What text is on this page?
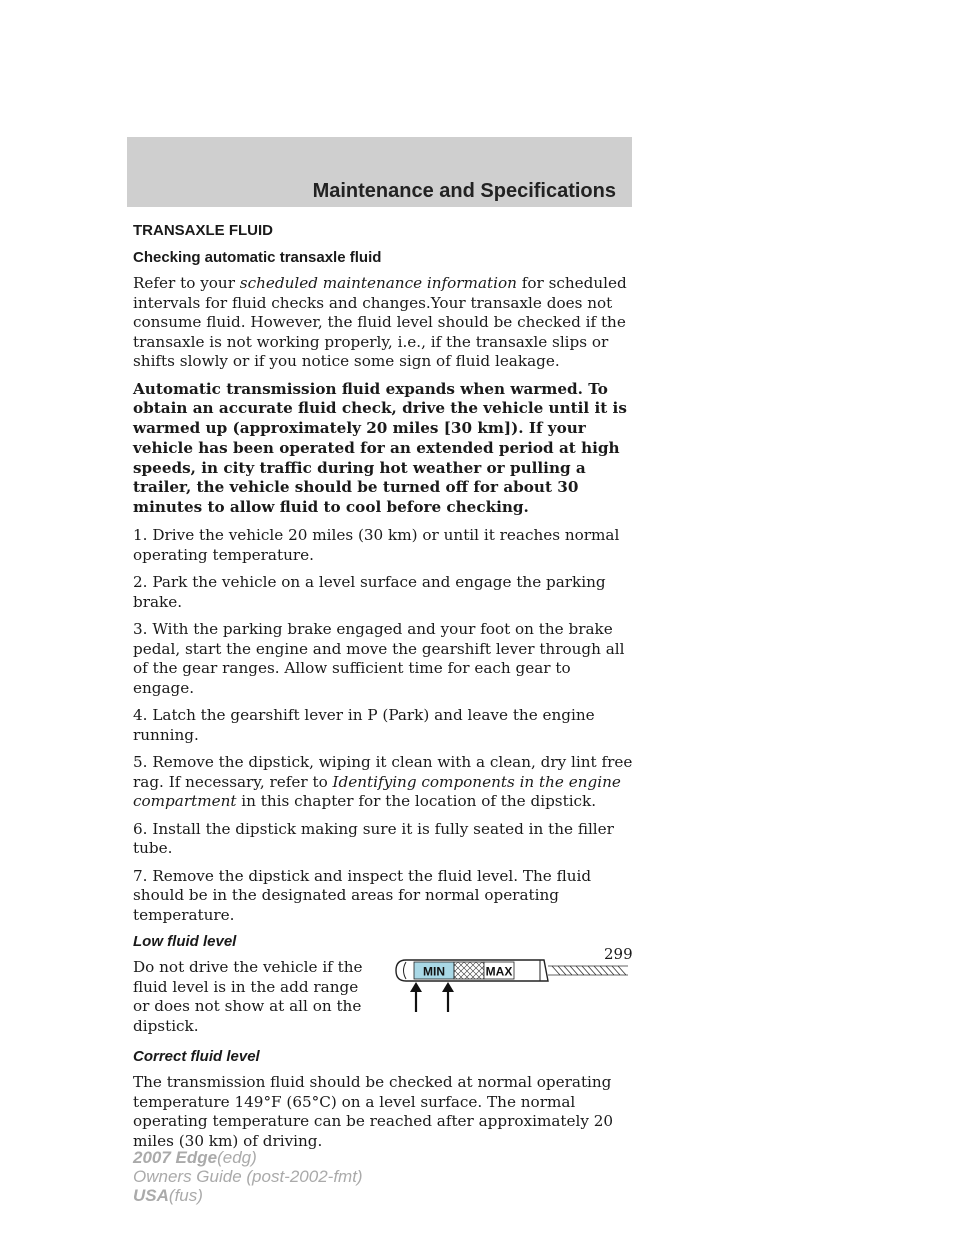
Maintenance and Specifications
TRANSAXLE FLUID
Checking automatic transaxle fluid

Refer to your scheduled maintenance information for scheduled intervals for fluid checks and changes.Your transaxle does not consume fluid. However, the fluid level should be checked if the transaxle is not working properly, i.e., if the transaxle slips or shifts slowly or if you notice some sign of fluid leakage.

Automatic transmission fluid expands when warmed. To obtain an accurate fluid check, drive the vehicle until it is warmed up (approximately 20 miles [30 km]). If your vehicle has been operated for an extended period at high speeds, in city traffic during hot weather or pulling a trailer, the vehicle should be turned off for about 30 minutes to allow fluid to cool before checking.

1. Drive the vehicle 20 miles (30 km) or until it reaches normal operating temperature.

2. Park the vehicle on a level surface and engage the parking brake.

3. With the parking brake engaged and your foot on the brake pedal, start the engine and move the gearshift lever through all of the gear ranges. Allow sufficient time for each gear to engage.

4. Latch the gearshift lever in P (Park) and leave the engine running.

5. Remove the dipstick, wiping it clean with a clean, dry lint free rag. If necessary, refer to Identifying components in the engine compartment in this chapter for the location of the dipstick.

6. Install the dipstick making sure it is fully seated in the filler tube.

7. Remove the dipstick and inspect the fluid level. The fluid should be in the designated areas for normal operating temperature.

Low fluid level

Do not drive the vehicle if the fluid level is in the add range or does not show at all on the dipstick.

MIN	MAX
Correct fluid level

The transmission fluid should be checked at normal operating temperature 149°F (65°C) on a level surface. The normal operating temperature can be reached after approximately 20 miles (30 km) of driving.

299
2007 Edge(edg)
Owners Guide (post-2002-fmt)
USA(fus)
